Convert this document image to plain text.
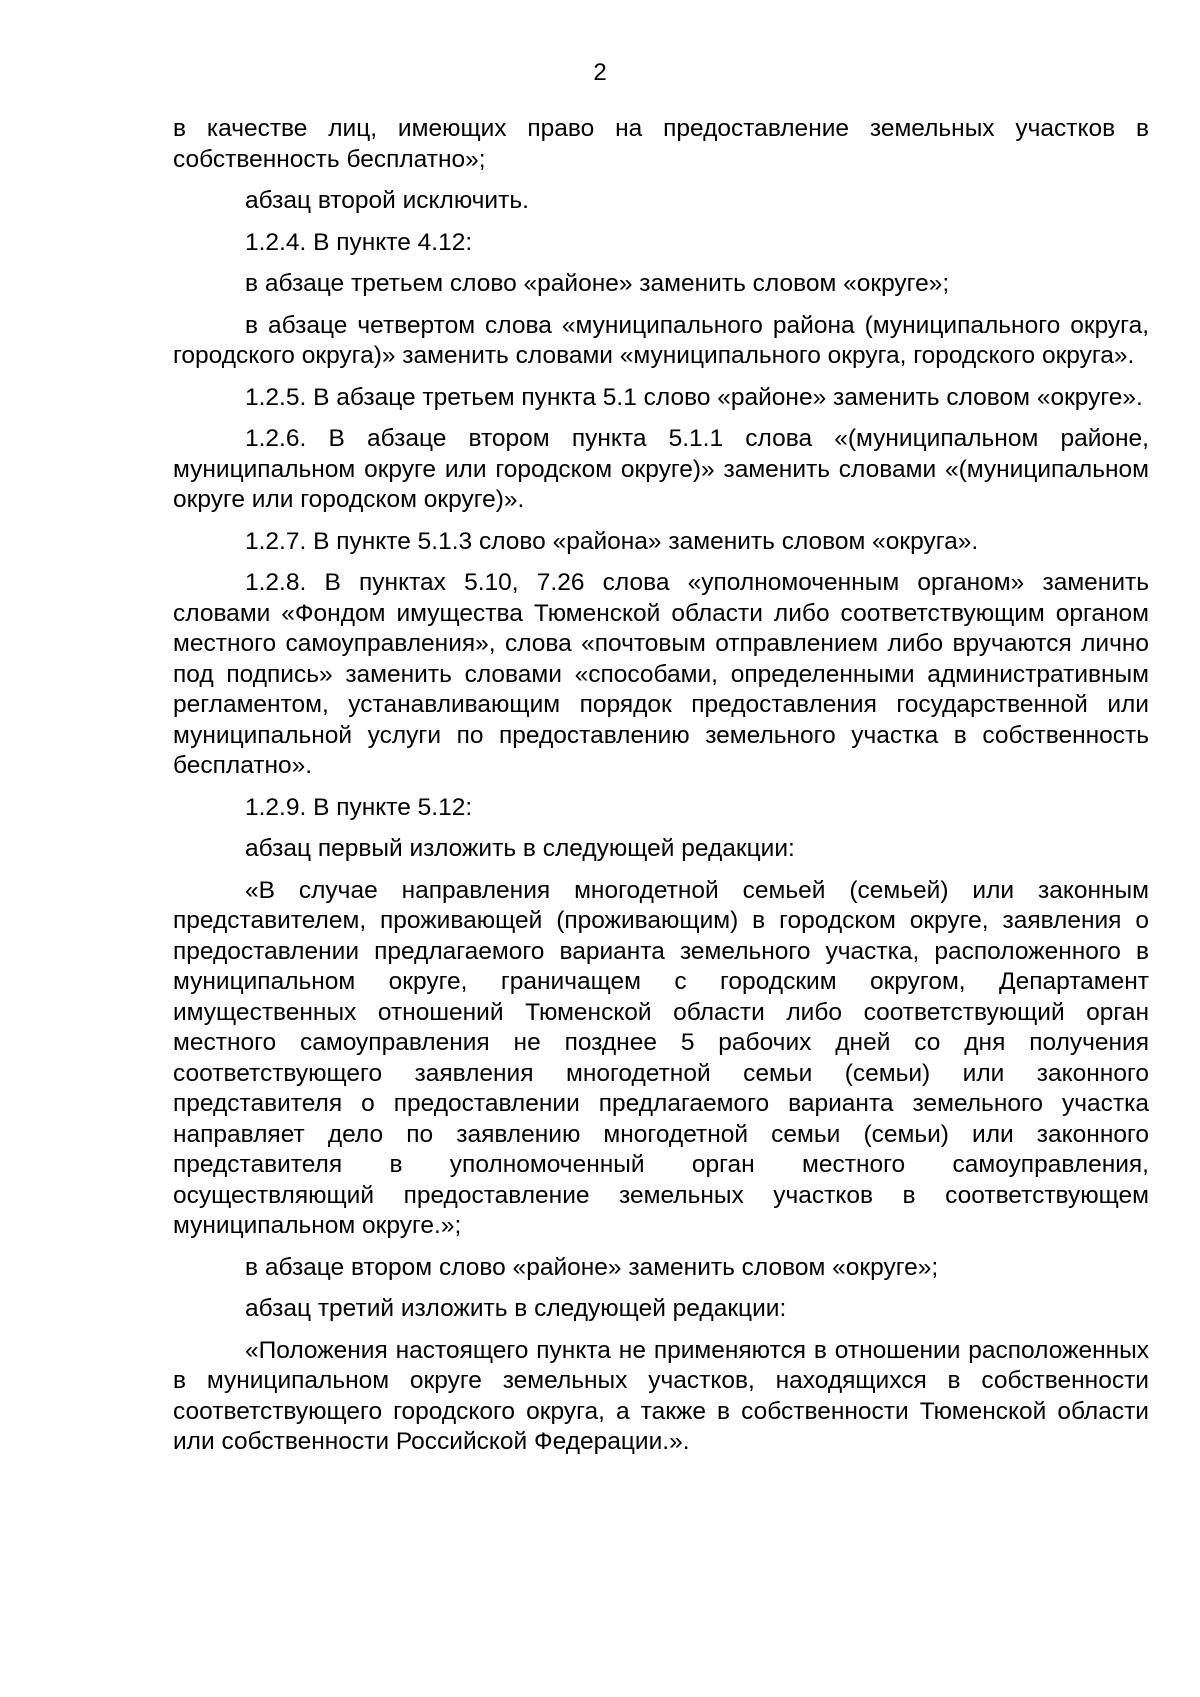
2

в качестве лиц, имеющих право на предоставление земельных участков в собственность бесплатно»;

абзац второй исключить.

1.2.4. В пункте 4.12:

в абзаце третьем слово «районе» заменить словом «округе»;

в абзаце четвертом слова «муниципального района (муниципального округа, городского округа)» заменить словами «муниципального округа, городского округа».

1.2.5. В абзаце третьем пункта 5.1 слово «районе» заменить словом «округе».

1.2.6. В абзаце втором пункта 5.1.1 слова «(муниципальном районе, муниципальном округе или городском округе)» заменить словами «(муниципальном округе или городском округе)».

1.2.7. В пункте 5.1.3 слово «района» заменить словом «округа».

1.2.8. В пунктах 5.10, 7.26 слова «уполномоченным органом» заменить словами «Фондом имущества Тюменской области либо соответствующим органом местного самоуправления», слова «почтовым отправлением либо вручаются лично под подпись» заменить словами «способами, определенными административным регламентом, устанавливающим порядок предоставления государственной или муниципальной услуги по предоставлению земельного участка в собственность бесплатно».

1.2.9. В пункте 5.12:

абзац первый изложить в следующей редакции:

«В случае направления многодетной семьей (семьей) или законным представителем, проживающей (проживающим) в городском округе, заявления о предоставлении предлагаемого варианта земельного участка, расположенного в муниципальном округе, граничащем с городским округом, Департамент имущественных отношений Тюменской области либо соответствующий орган местного самоуправления не позднее 5 рабочих дней со дня получения соответствующего заявления многодетной семьи (семьи) или законного представителя о предоставлении предлагаемого варианта земельного участка направляет дело по заявлению многодетной семьи (семьи) или законного представителя в уполномоченный орган местного самоуправления, осуществляющий предоставление земельных участков в соответствующем муниципальном округе.»;

в абзаце втором слово «районе» заменить словом «округе»;

абзац третий изложить в следующей редакции:

«Положения настоящего пункта не применяются в отношении расположенных в муниципальном округе земельных участков, находящихся в собственности соответствующего городского округа, а также в собственности Тюменской области или собственности Российской Федерации.».
